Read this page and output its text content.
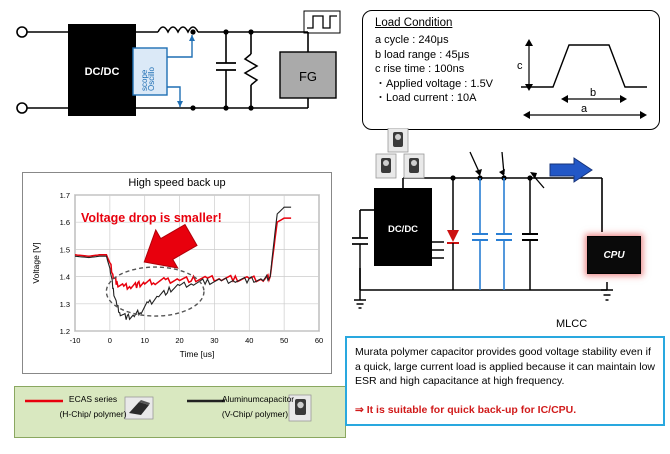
DC/DC	Oscillo
scope	FG
Load Condition
a cycle : 240μs
b load range : 45μs
c rise time : 100ns
・Applied voltage : 1.5V
・Load current : 10A
c
b
a
High speed back up
-10	0	10	20	30	40	50	60
1.2
1.3
1.4
1.5
1.6
1.7
Time [us]
Voltage [V]
Voltage drop is smaller!
ECAS series
(H-Chip/ polymer)
Aluminumcapacitor
(V-Chip/ polymer)
DC/DC
CPU
MLCC
Murata polymer capacitor provides good voltage stability even if a quick, large current load is applied because it can maintain low ESR and high capacitance at high frequency.
⇒ It is suitable for quick back-up for IC/CPU.
